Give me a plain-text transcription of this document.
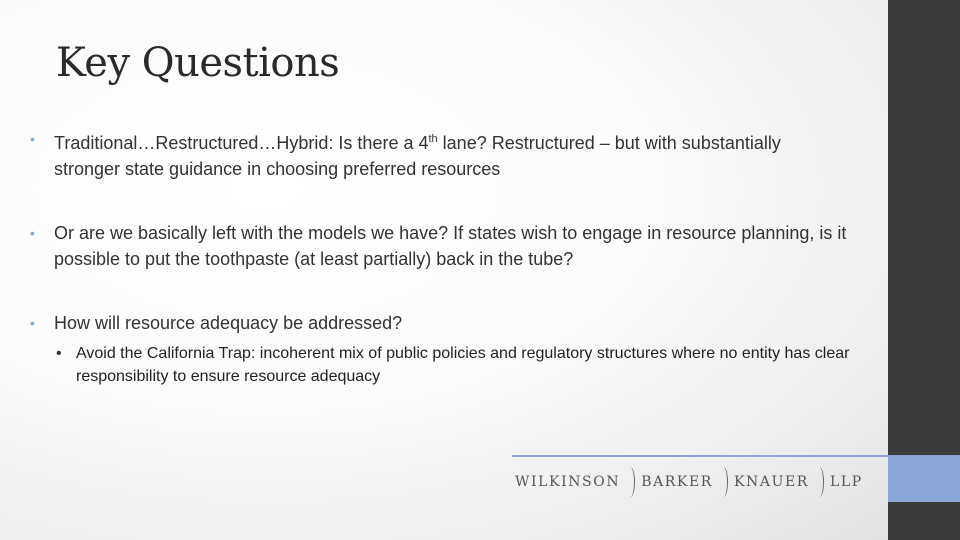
Key Questions
• Traditional…Restructured…Hybrid: Is there a 4th lane? Restructured – but with substantially stronger state guidance in choosing preferred resources
• Or are we basically left with the models we have? If states wish to engage in resource planning, is it possible to put the toothpaste (at least partially) back in the tube?
• How will resource adequacy be addressed?
• Avoid the California Trap: incoherent mix of public policies and regulatory structures where no entity has clear responsibility to ensure resource adequacy
WILKINSON BARKER KNAUER LLP
